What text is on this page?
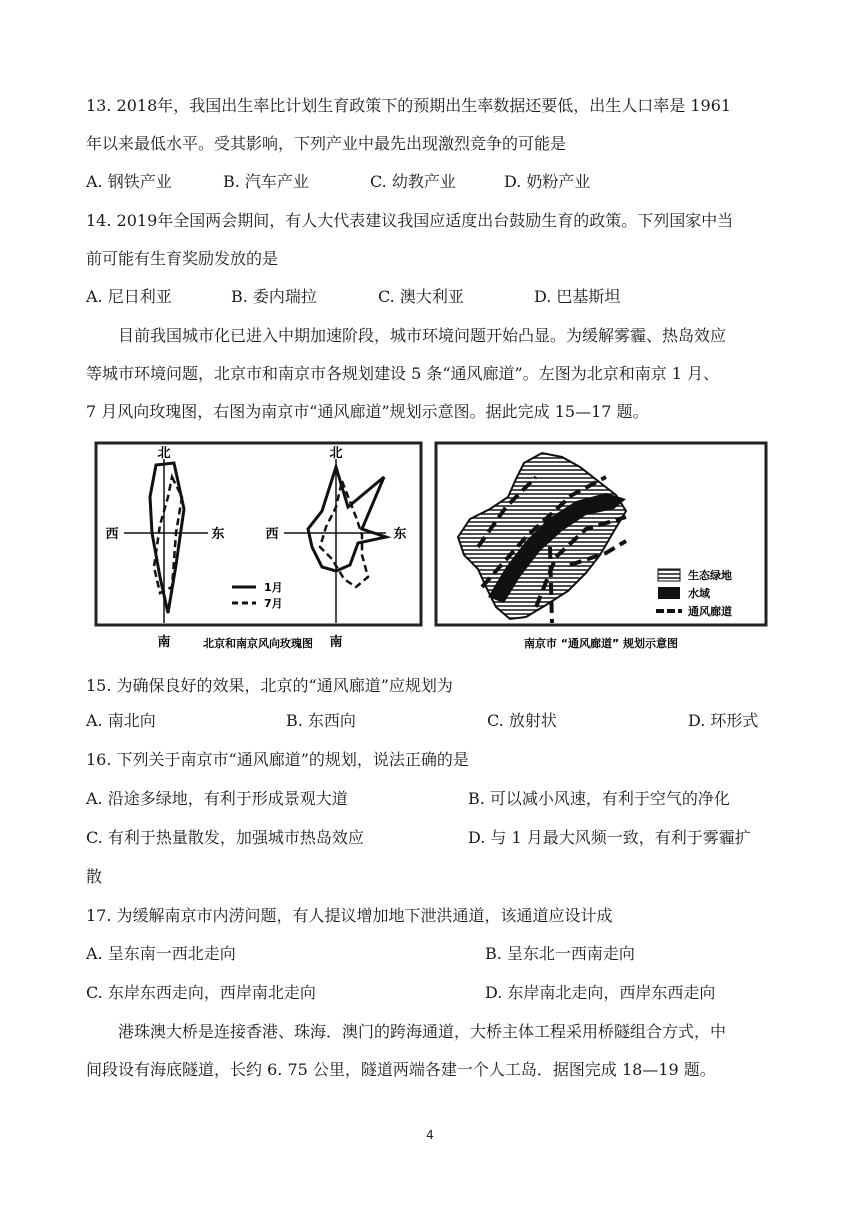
13. 2018年，我国出生率比计划生育政策下的预期出生率数据还要低，出生人口率是 1961
年以来最低水平。受其影响，下列产业中最先出现激烈竞争的可能是
A. 钢铁产业	B. 汽车产业	C. 幼教产业	D. 奶粉产业
14. 2019年全国两会期间，有人大代表建议我国应适度出台鼓励生育的政策。下列国家中当
前可能有生育奖励发放的是
A. 尼日利亚	B. 委内瑞拉	C. 澳大利亚	D. 巴基斯坦
目前我国城市化已进入中期加速阶段，城市环境问题开始凸显。为缓解雾霾、热岛效应
等城市环境问题，北京市和南京市各规划建设 5 条“通风廊道”。左图为北京和南京 1 月、
7 月风向玫瑰图，右图为南京市“通风廊道”规划示意图。据此完成 15—17 题。
北
南
西	东
北
南
西	东
1月
7月
北京和南京风向玫瑰图
生态绿地
水域
通风廊道
南京市 “通风廊道” 规划示意图
15. 为确保良好的效果，北京的“通风廊道”应规划为
A. 南北向	B. 东西向	C. 放射状	D. 环形式
16. 下列关于南京市“通风廊道”的规划，说法正确的是
A. 沿途多绿地，有利于形成景观大道	B. 可以减小风速，有利于空气的净化
C. 有利于热量散发，加强城市热岛效应	D. 与 1 月最大风频一致，有利于雾霾扩
散
17. 为缓解南京市内涝问题，有人提议增加地下泄洪通道，该通道应设计成
A. 呈东南一西北走向	B. 呈东北一西南走向
C. 东岸东西走向，西岸南北走向	D. 东岸南北走向，西岸东西走向
港珠澳大桥是连接香港、珠海．澳门的跨海通道，大桥主体工程采用桥隧组合方式，中
间段设有海底隧道，长约 6. 75 公里，隧道两端各建一个人工岛．据图完成 18—19 题。
4
